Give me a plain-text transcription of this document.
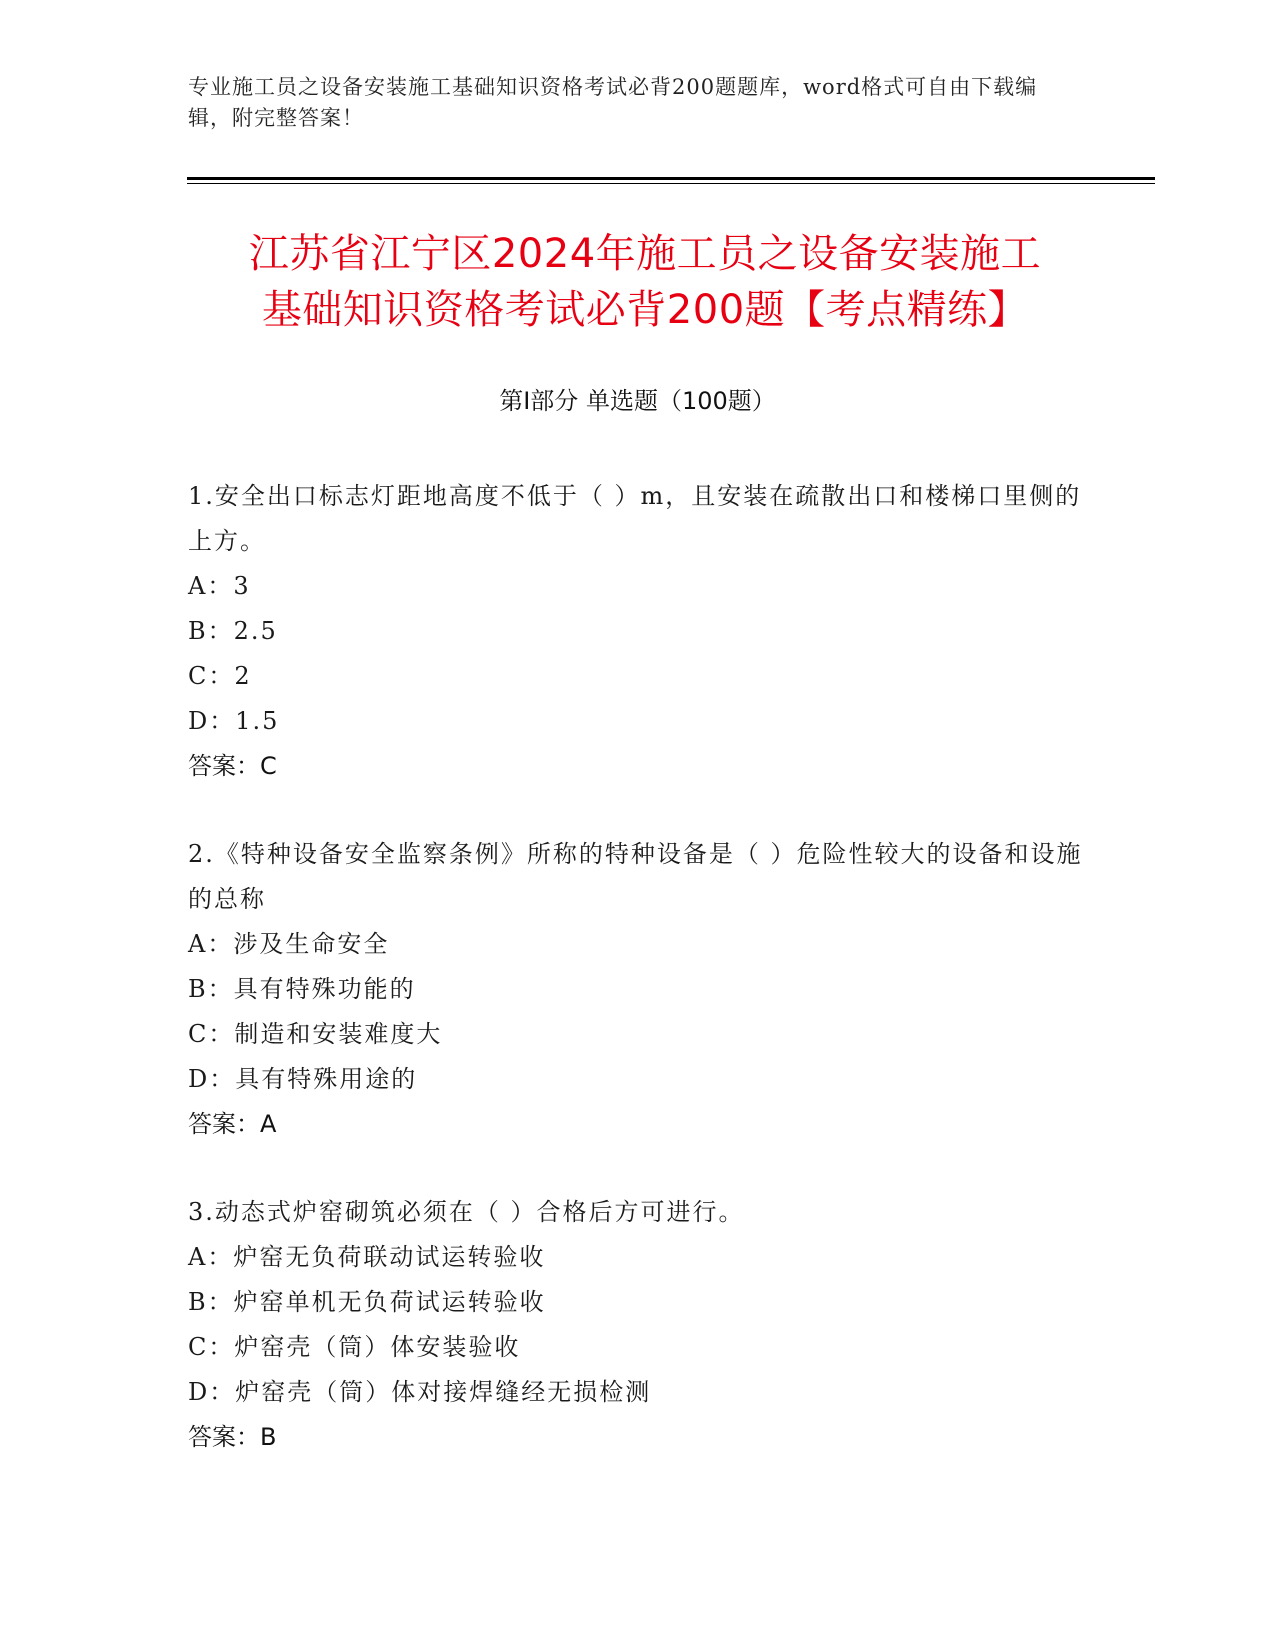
专业施工员之设备安装施工基础知识资格考试必背200题题库，word格式可自由下载编辑，附完整答案！
江苏省江宁区2024年施工员之设备安装施工
基础知识资格考试必背200题【考点精练】
第Ⅰ部分 单选题（100题）

1.安全出口标志灯距地高度不低于（ ）m，且安装在疏散出口和楼梯口里侧的上方。

A：3

B：2.5

C：2

D：1.5

答案：C

2.《特种设备安全监察条例》所称的特种设备是（ ）危险性较大的设备和设施的总称

A：涉及生命安全

B：具有特殊功能的

C：制造和安装难度大

D：具有特殊用途的

答案：A

3.动态式炉窑砌筑必须在（ ）合格后方可进行。

A：炉窑无负荷联动试运转验收

B：炉窑单机无负荷试运转验收

C：炉窑壳（筒）体安装验收

D：炉窑壳（筒）体对接焊缝经无损检测

答案：B
